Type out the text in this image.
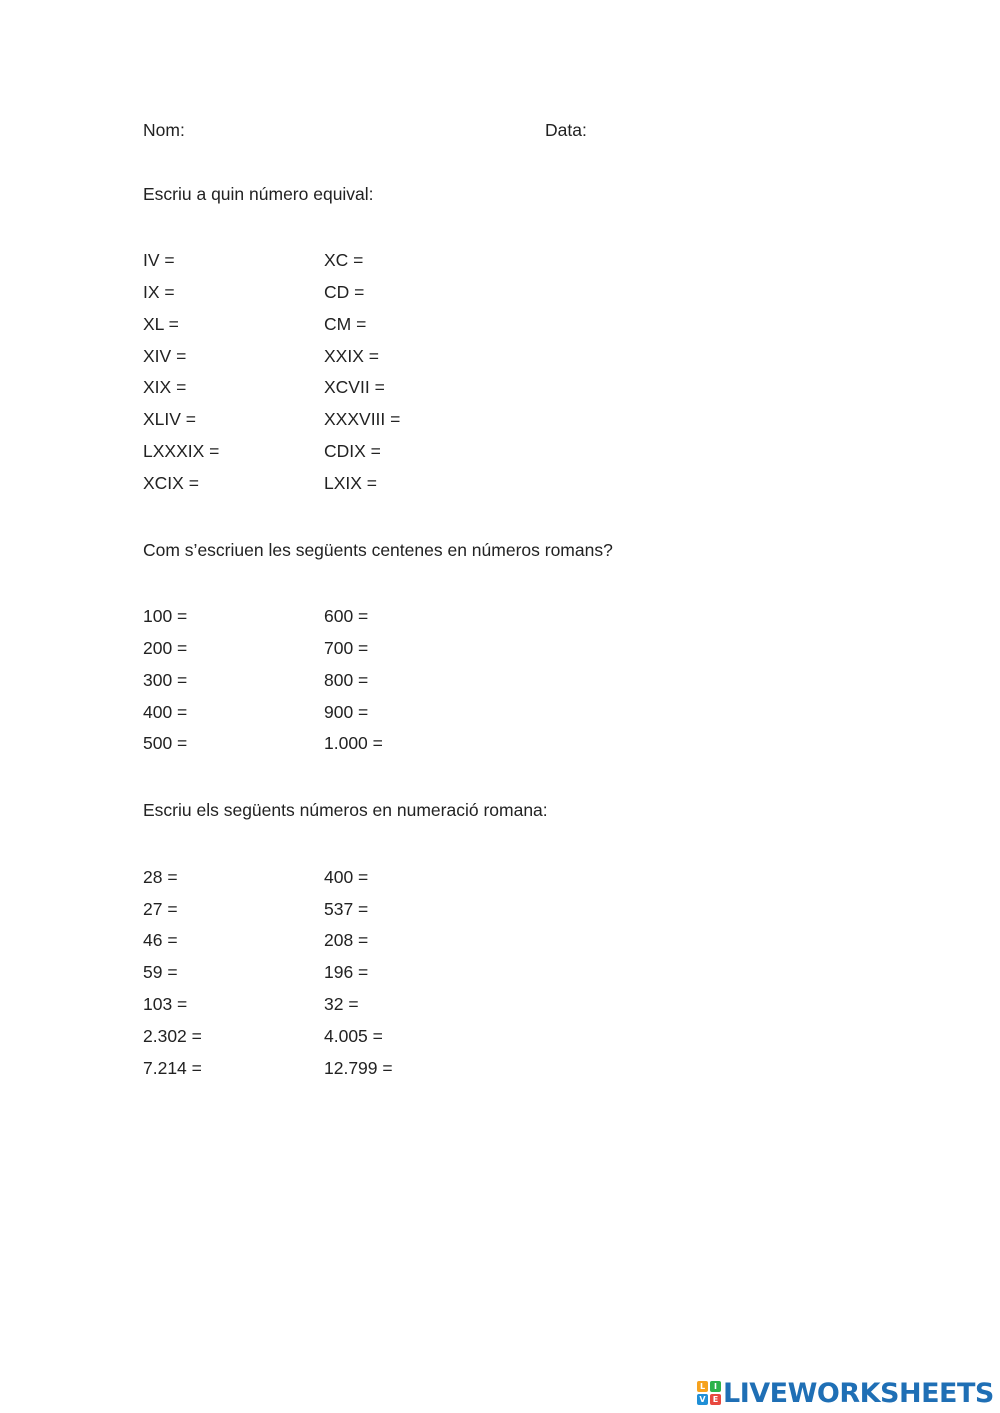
Nom:	Data:
Escriu a quin número equival:
IV =
IX =
XL =
XIV =
XIX =
XLIV =
LXXXIX =
XCIX =
XC =
CD =
CM =
XXIX =
XCVII =
XXXVIII =
CDIX =
LXIX =
Com s’escriuen les següents centenes en números romans?
100 =
200 =
300 =
400 =
500 =
600 =
700 =
800 =
900 =
1.000 =
Escriu els següents números en numeració romana:
28 =
27 =
46 =
59 =
103 =
2.302 =
7.214 =
400 =
537 =
208 =
196 =
32 =
4.005 =
12.799 =
L	I
V E LIVEWORKSHEETS
